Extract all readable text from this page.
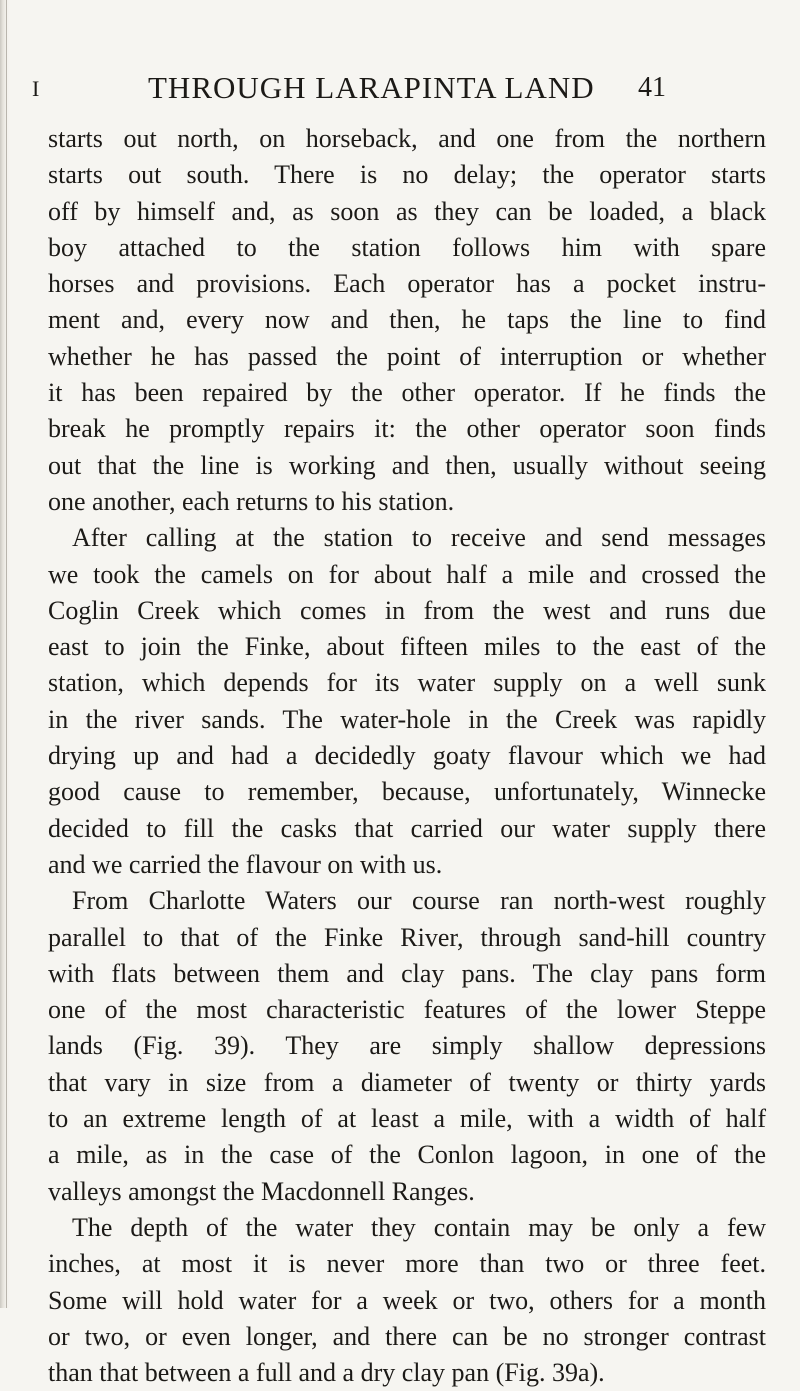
I	THROUGH LARAPINTA LAND 41
starts out north, on horseback, and one from the northern
starts out south. There is no delay; the operator starts
off by himself and, as soon as they can be loaded, a black
boy attached to the station follows him with spare
horses and provisions. Each operator has a pocket instru-
ment and, every now and then, he taps the line to find
whether he has passed the point of interruption or whether
it has been repaired by the other operator. If he finds the
break he promptly repairs it: the other operator soon finds
out that the line is working and then, usually without seeing
one another, each returns to his station.
After calling at the station to receive and send messages
we took the camels on for about half a mile and crossed the
Coglin Creek which comes in from the west and runs due
east to join the Finke, about fifteen miles to the east of the
station, which depends for its water supply on a well sunk
in the river sands. The water-hole in the Creek was rapidly
drying up and had a decidedly goaty flavour which we had
good cause to remember, because, unfortunately, Winnecke
decided to fill the casks that carried our water supply there
and we carried the flavour on with us.
From Charlotte Waters our course ran north-west roughly
parallel to that of the Finke River, through sand-hill country
with flats between them and clay pans. The clay pans form
one of the most characteristic features of the lower Steppe
lands (Fig. 39). They are simply shallow depressions
that vary in size from a diameter of twenty or thirty yards
to an extreme length of at least a mile, with a width of half
a mile, as in the case of the Conlon lagoon, in one of the
valleys amongst the Macdonnell Ranges.
The depth of the water they contain may be only a few
inches, at most it is never more than two or three feet.
Some will hold water for a week or two, others for a month
or two, or even longer, and there can be no stronger contrast
than that between a full and a dry clay pan (Fig. 39a).
